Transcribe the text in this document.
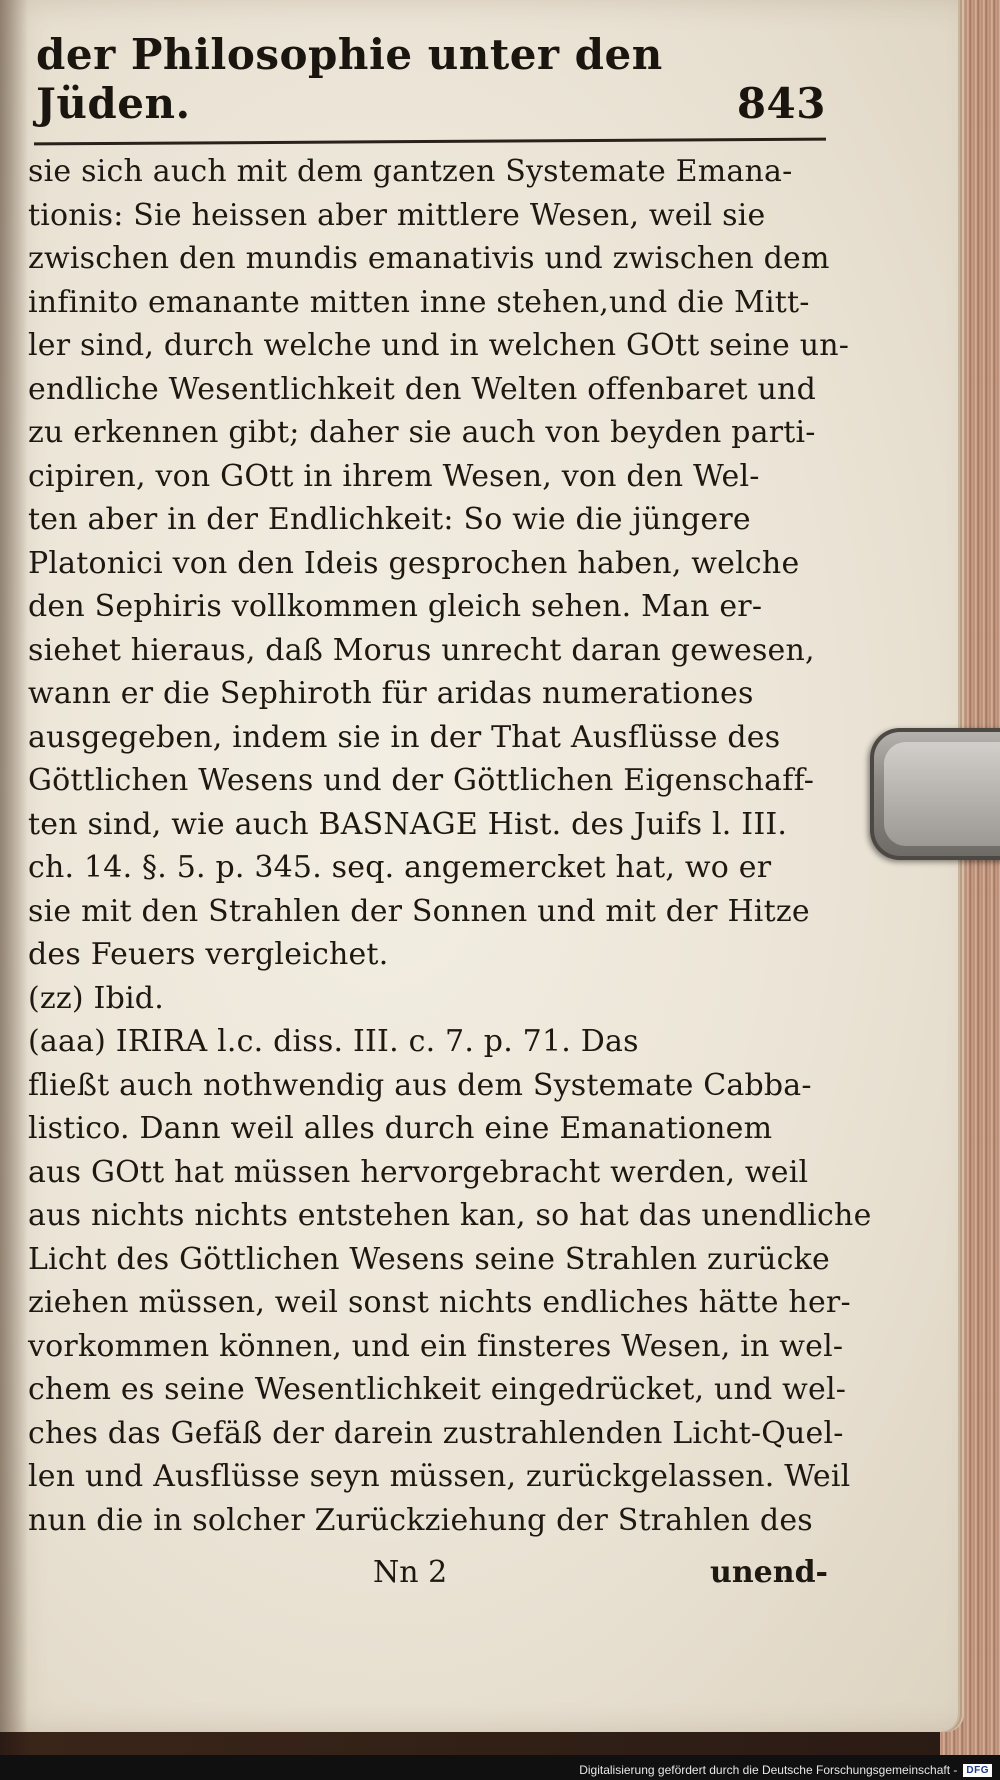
der Philosophie unter den Jüden.	843
sie sich auch mit dem gantzen Systemate Emana-
tionis: Sie heissen aber mittlere Wesen, weil sie
zwischen den mundis emanativis und zwischen dem
infinito emanante mitten inne stehen,und die Mitt-
ler sind, durch welche und in welchen GOtt seine un-
endliche Wesentlichkeit den Welten offenbaret und
zu erkennen gibt; daher sie auch von beyden parti-
cipiren, von GOtt in ihrem Wesen, von den Wel-
ten aber in der Endlichkeit: So wie die jüngere
Platonici von den Ideis gesprochen haben, welche
den Sephiris vollkommen gleich sehen. Man er-
siehet hieraus, daß Morus unrecht daran gewesen,
wann er die Sephiroth für aridas numerationes
ausgegeben, indem sie in der That Ausflüsse des
Göttlichen Wesens und der Göttlichen Eigenschaff-
ten sind, wie auch BASNAGE Hist. des Juifs l. III.
ch. 14. §. 5. p. 345. seq. angemercket hat, wo er
sie mit den Strahlen der Sonnen und mit der Hitze
des Feuers vergleichet.
(zz) Ibid.
(aaa) IRIRA l.c. diss. III. c. 7. p. 71. Das
fließt auch nothwendig aus dem Systemate Cabba-
listico. Dann weil alles durch eine Emanationem
aus GOtt hat müssen hervorgebracht werden, weil
aus nichts nichts entstehen kan, so hat das unendliche
Licht des Göttlichen Wesens seine Strahlen zurücke
ziehen müssen, weil sonst nichts endliches hätte her-
vorkommen können, und ein finsteres Wesen, in wel-
chem es seine Wesentlichkeit eingedrücket, und wel-
ches das Gefäß der darein zustrahlenden Licht-Quel-
len und Ausflüsse seyn müssen, zurückgelassen. Weil
nun die in solcher Zurückziehung der Strahlen des
Nn 2	unend-
Digitalisierung gefördert durch die Deutsche Forschungsgemeinschaft - DFG
